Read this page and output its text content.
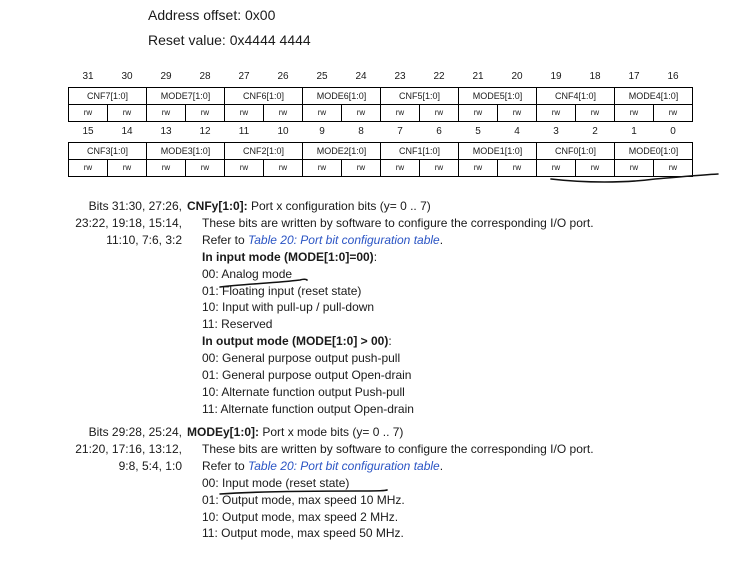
Address offset: 0x00
Reset value: 0x4444 4444
31	30	29	28	27	26	25	24	23	22	21	20	19	18	17	16
CNF7[1:0]		MODE7[1:0]		CNF6[1:0]		MODE6[1:0]		CNF5[1:0]		MODE5[1:0]		CNF4[1:0]		MODE4[1:0]	
rw	rw	rw	rw	rw	rw	rw	rw	rw	rw	rw	rw	rw	rw	rw	rw
15	14	13	12	11	10	9	8	7	6	5	4	3	2	1	0
CNF3[1:0]		MODE3[1:0]		CNF2[1:0]		MODE2[1:0]		CNF1[1:0]		MODE1[1:0]		CNF0[1:0]		MODE0[1:0]	
rw	rw	rw	rw	rw	rw	rw	rw	rw	rw	rw	rw	rw	rw	rw	rw
Bits 31:30, 27:26,
23:22, 19:18, 15:14,
11:10, 7:6, 3:2
CNFy[1:0]: Port x configuration bits (y= 0 .. 7)
These bits are written by software to configure the corresponding I/O port.
Refer to Table 20: Port bit configuration table.
In input mode (MODE[1:0]=00):
00: Analog mode
01: Floating input (reset state)
10: Input with pull-up / pull-down
11: Reserved
In output mode (MODE[1:0] > 00):
00: General purpose output push-pull
01: General purpose output Open-drain
10: Alternate function output Push-pull
11: Alternate function output Open-drain
Bits 29:28, 25:24,
21:20, 17:16, 13:12,
9:8, 5:4, 1:0
MODEy[1:0]: Port x mode bits (y= 0 .. 7)
These bits are written by software to configure the corresponding I/O port.
Refer to Table 20: Port bit configuration table.
00: Input mode (reset state)
01: Output mode, max speed 10 MHz.
10: Output mode, max speed 2 MHz.
11: Output mode, max speed 50 MHz.
